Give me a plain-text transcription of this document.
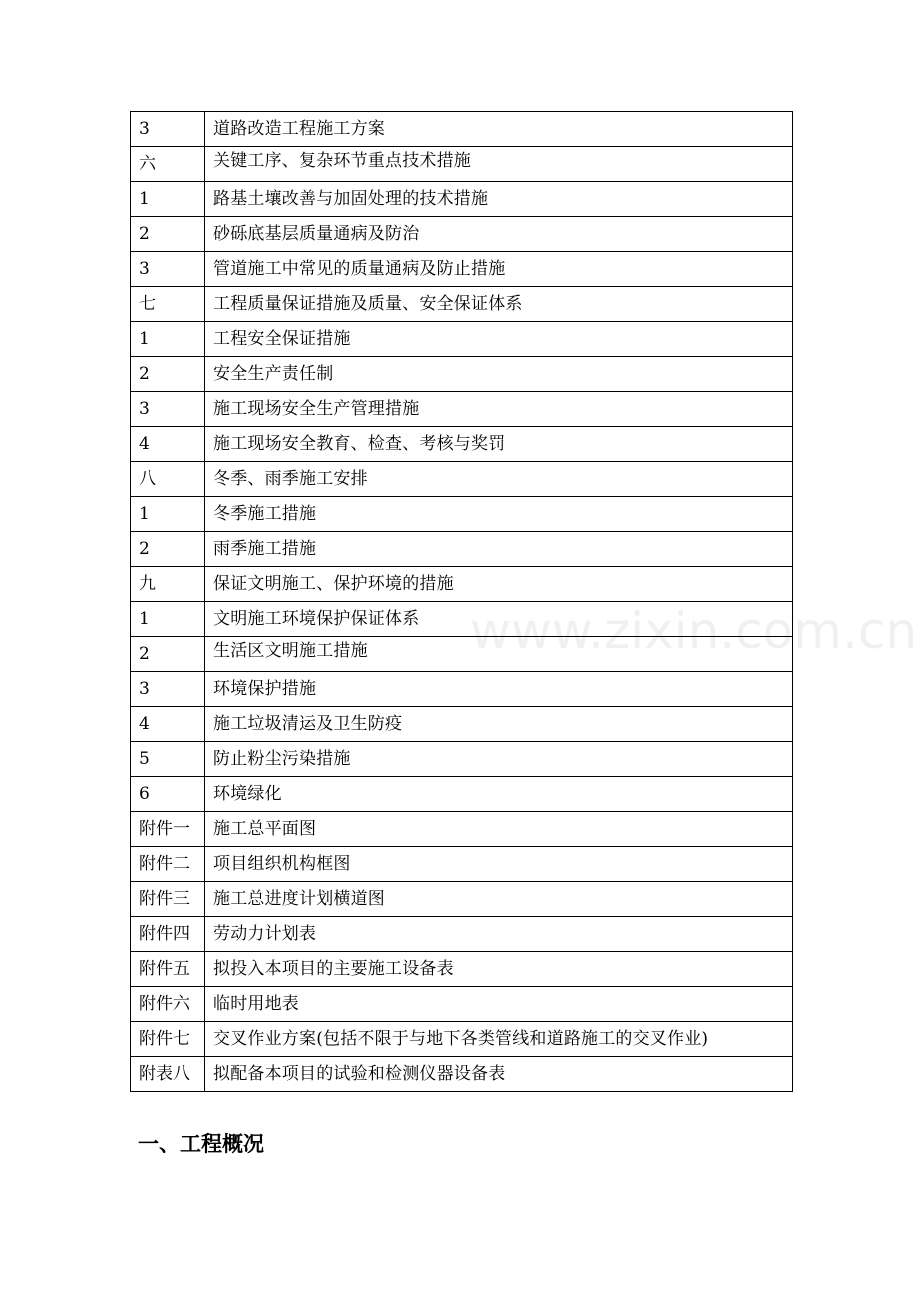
3	道路改造工程施工方案
六	关键工序、复杂环节重点技术措施
1	路基土壤改善与加固处理的技术措施
2	砂砾底基层质量通病及防治
3	管道施工中常见的质量通病及防止措施
七	工程质量保证措施及质量、安全保证体系
1	工程安全保证措施
2	安全生产责任制
3	施工现场安全生产管理措施
4	施工现场安全教育、检查、考核与奖罚
八	冬季、雨季施工安排
1	冬季施工措施
2	雨季施工措施
九	保证文明施工、保护环境的措施
1	文明施工环境保护保证体系
2	生活区文明施工措施
3	环境保护措施
4	施工垃圾清运及卫生防疫
5	防止粉尘污染措施
6	环境绿化
附件一	施工总平面图
附件二	项目组织机构框图
附件三	施工总进度计划横道图
附件四	劳动力计划表
附件五	拟投入本项目的主要施工设备表
附件六	临时用地表
附件七	交叉作业方案(包括不限于与地下各类管线和道路施工的交叉作业)
附表八	拟配备本项目的试验和检测仪器设备表
一、工程概况
www.zixin.com.cn
